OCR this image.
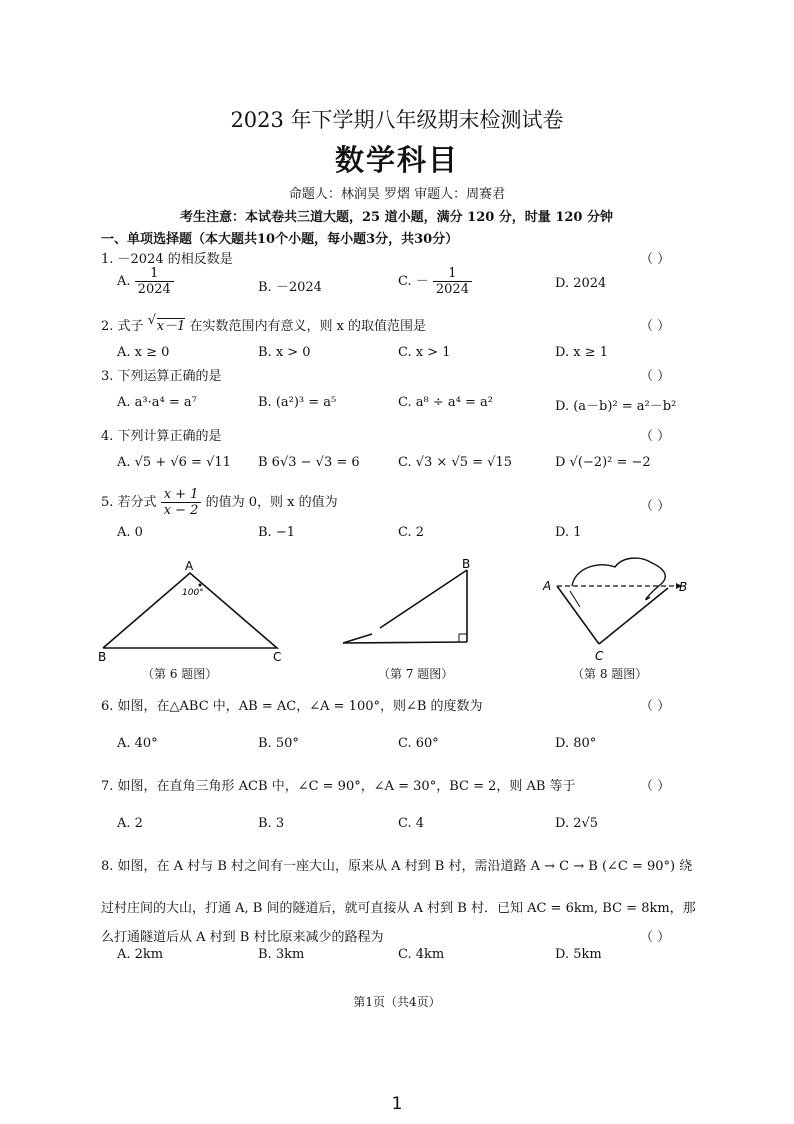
2023 年下学期八年级期末检测试卷
数学科目
命题人：林润昊 罗熠 审题人：周赛君
考生注意：本试卷共三道大题，25 道小题，满分 120 分，时量 120 分钟
一、单项选择题（本大题共10个小题，每小题3分，共30分）
1. －2024 的相反数是	（ ）
A. $\frac{1}{2024}$	B. －2024	C. － $\frac{1}{2024}$	D. 2024
2. 式子 √ x－1 在实数范围内有意义，则 x 的取值范围是	（ ）
A. x ≥ 0	B. x > 0	C. x > 1	D. x ≥ 1
3. 下列运算正确的是	（ ）
A. a³·a⁴ = a⁷	B. (a²)³ = a⁵	C. a⁸ ÷ a⁴ = a²	D. (a－b)² = a²－b²
4. 下列计算正确的是	（ ）
A. √5 + √6 = √11 B 6√3 − √3 = 6	C. √3 × √5 = √15	D √(−2)² = −2
5. 若分式 $\frac{x + 1}{x - 2}$ 的值为 0，则 x 的值为	（ ）
A. 0	B. −1	C. 2	D. 1
A
B	C
100°
B
A	B
C
（第 6 题图）	（第 7 题图）	（第 8 题图）
6. 如图，在△ABC 中，AB = AC，∠A = 100°，则∠B 的度数为	（ ）
A. 40°	B. 50°	C. 60°	D. 80°
7. 如图，在直角三角形 ACB 中，∠C = 90°，∠A = 30°，BC = 2，则 AB 等于	（ ）
A. 2	B. 3	C. 4	D. 2√5
8. 如图，在 A 村与 B 村之间有一座大山，原来从 A 村到 B 村，需沿道路 A → C → B (∠C = 90°) 绕
过村庄间的大山，打通 A, B 间的隧道后，就可直接从 A 村到 B 村．已知 AC = 6km, BC = 8km，那
么打通隧道后从 A 村到 B 村比原来减少的路程为	（ ）
A. 2km	B. 3km	C. 4km	D. 5km
第1页（共4页）
1
